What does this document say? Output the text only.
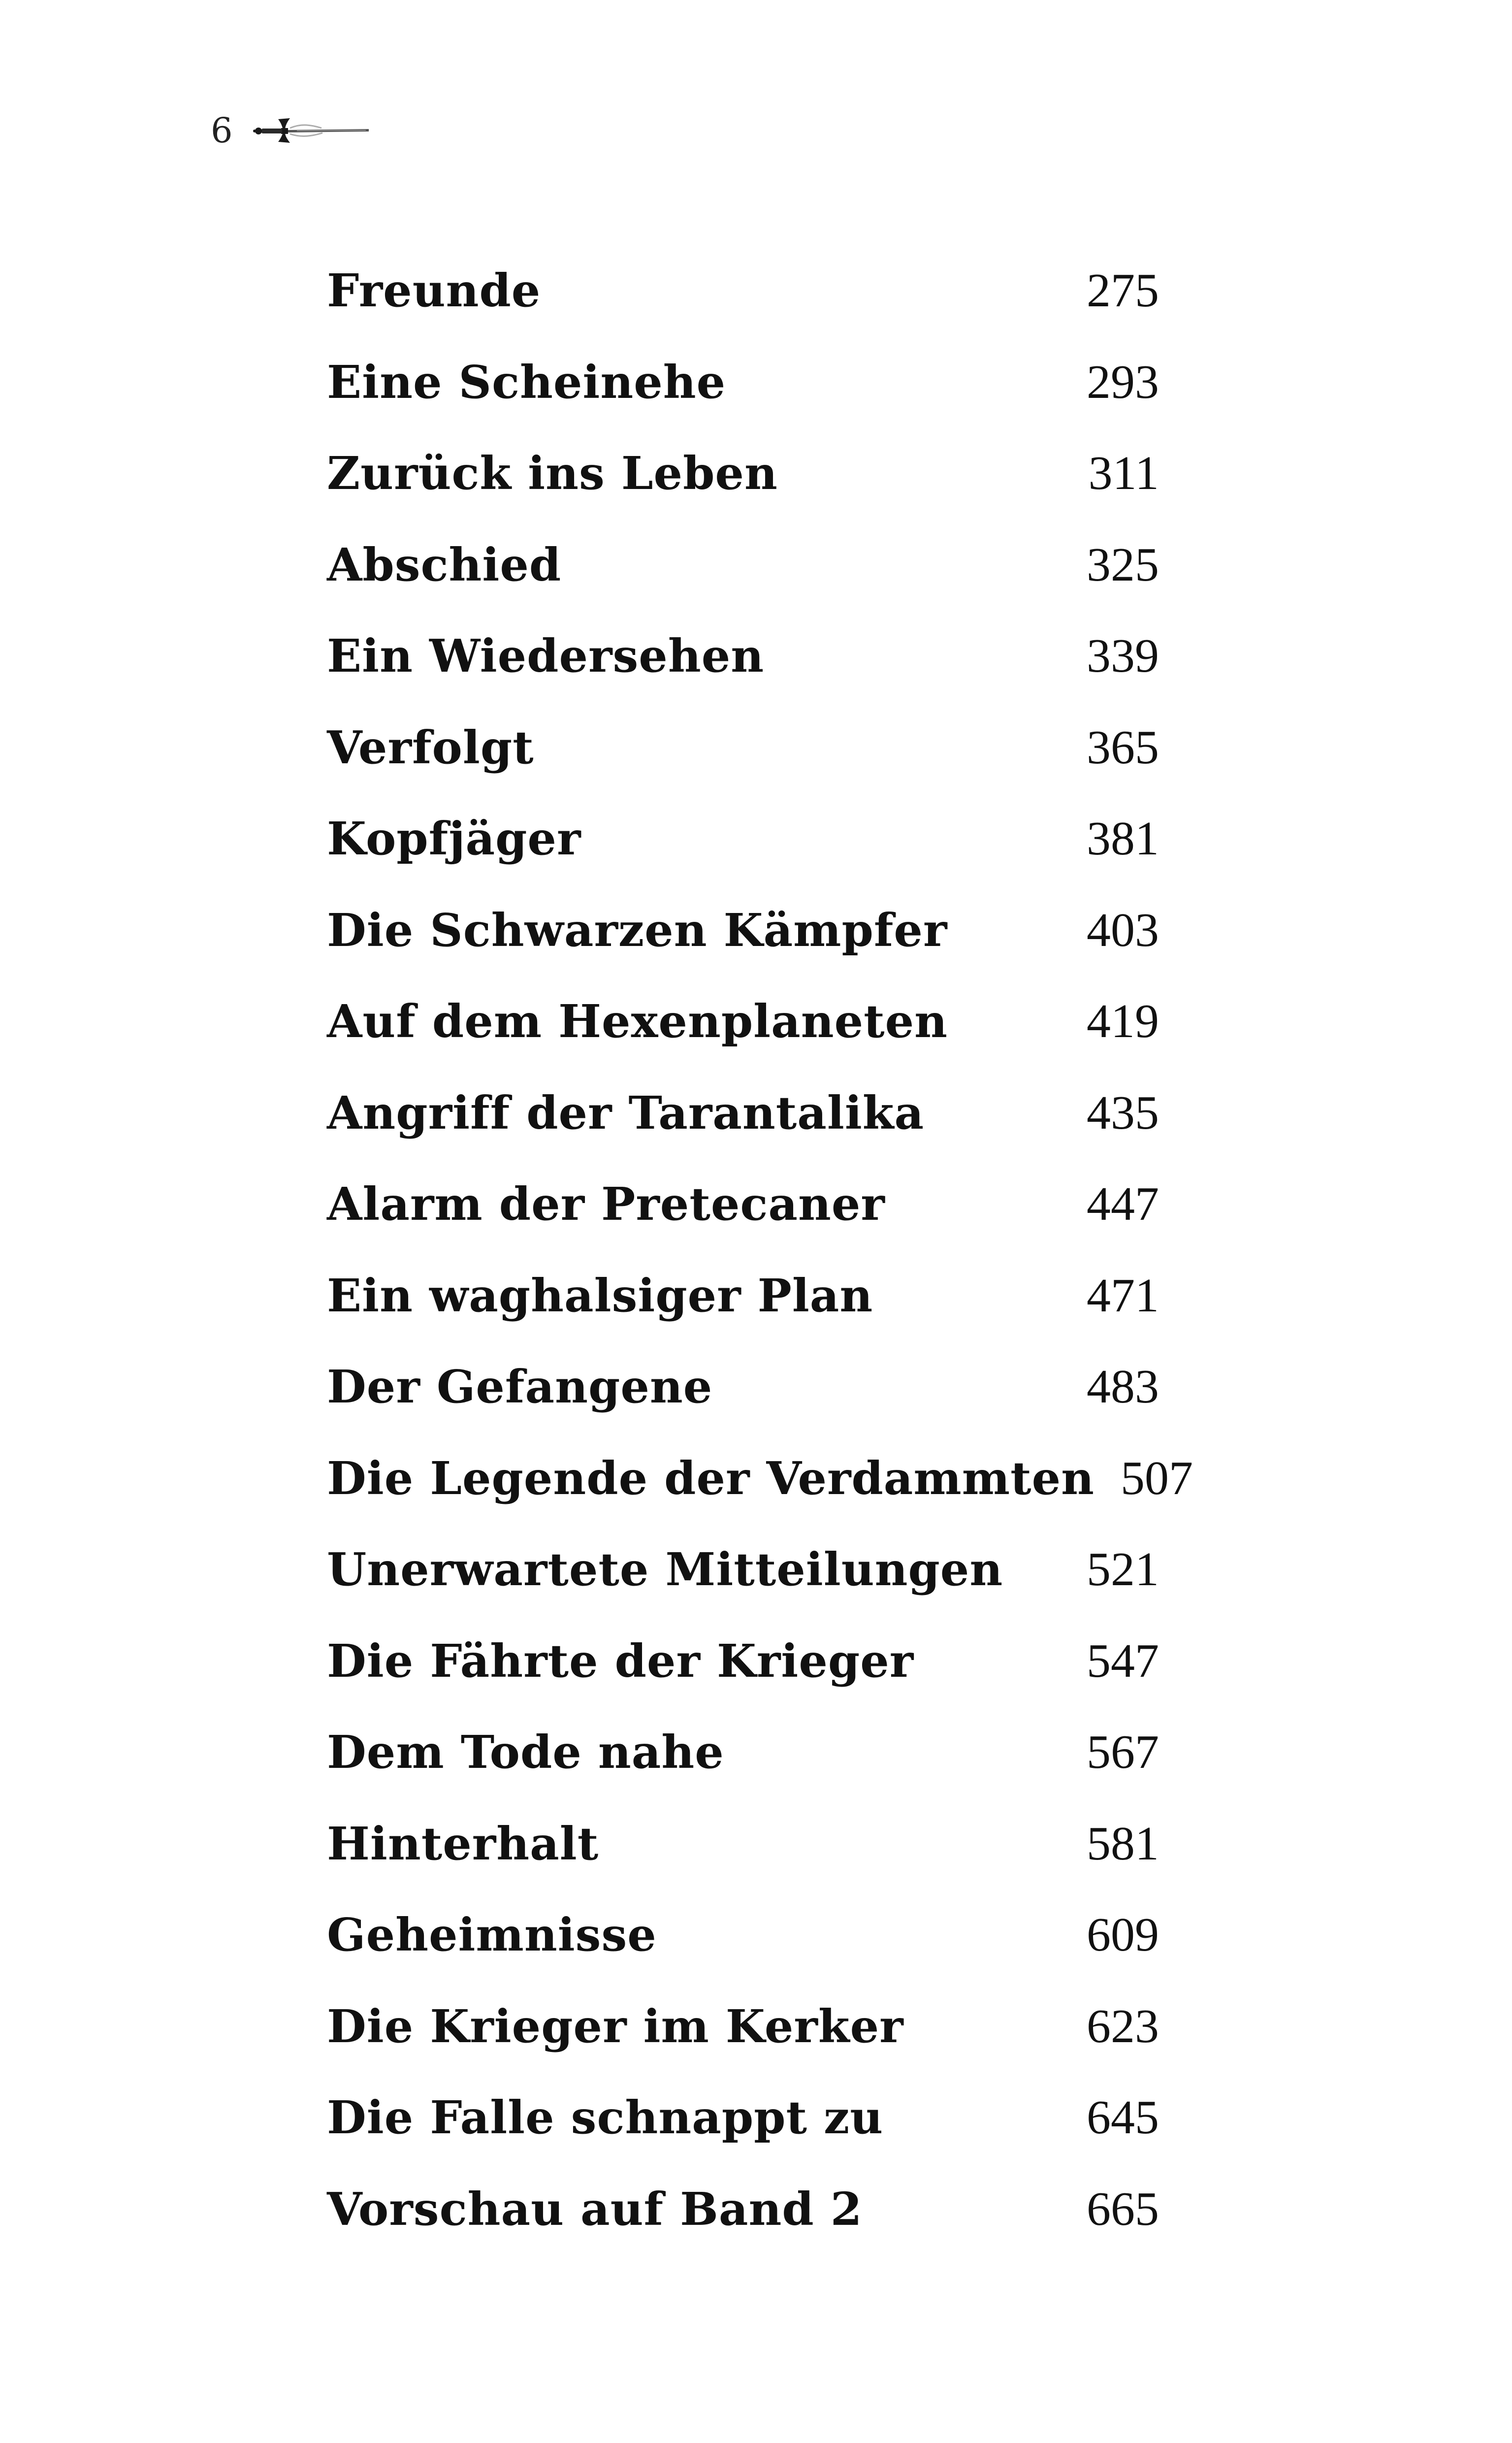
6
Freunde	275
Eine Scheinehe	293
Zurück ins Leben	311
Abschied	325
Ein Wiedersehen	339
Verfolgt	365
Kopfjäger	381
Die Schwarzen Kämpfer	403
Auf dem Hexenplaneten	419
Angriff der Tarantalika	435
Alarm der Pretecaner	447
Ein waghalsiger Plan	471
Der Gefangene	483
Die Legende der Verdammten 507
Unerwartete Mitteilungen	521
Die Fährte der Krieger	547
Dem Tode nahe	567
Hinterhalt	581
Geheimnisse	609
Die Krieger im Kerker	623
Die Falle schnappt zu	645
Vorschau auf Band 2	665
